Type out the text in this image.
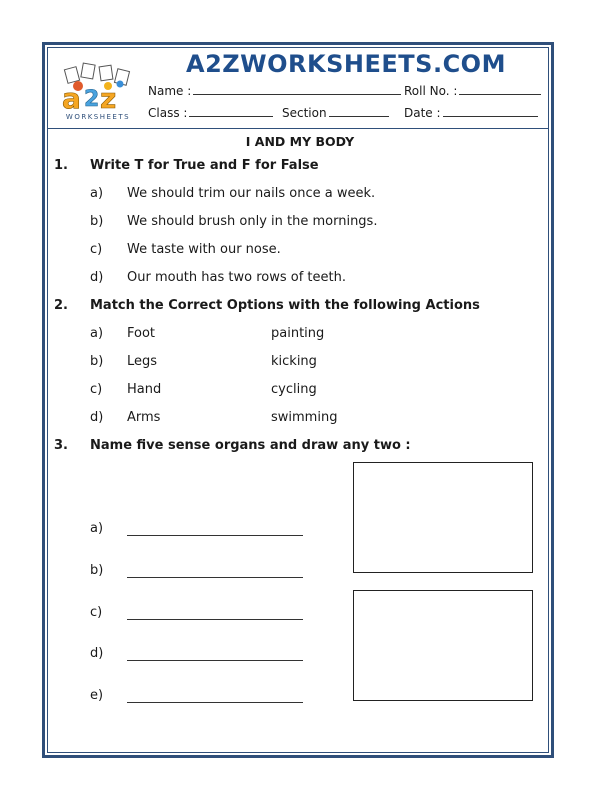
a 2 z
WORKSHEETS
A2ZWORKSHEETS.COM
Name :	Roll No. :
Class :	Section	Date :
I AND MY BODY
1. Write T for True and F for False
a) We should trim our nails once a week.
b) We should brush only in the mornings.
c) We taste with our nose.
d) Our mouth has two rows of teeth.
2. Match the Correct Options with the following Actions
a) Foot	painting
b) Legs	kicking
c) Hand	cycling
d) Arms	swimming
3. Name five sense organs and draw any two :
a)
b)
c)
d)
e)
